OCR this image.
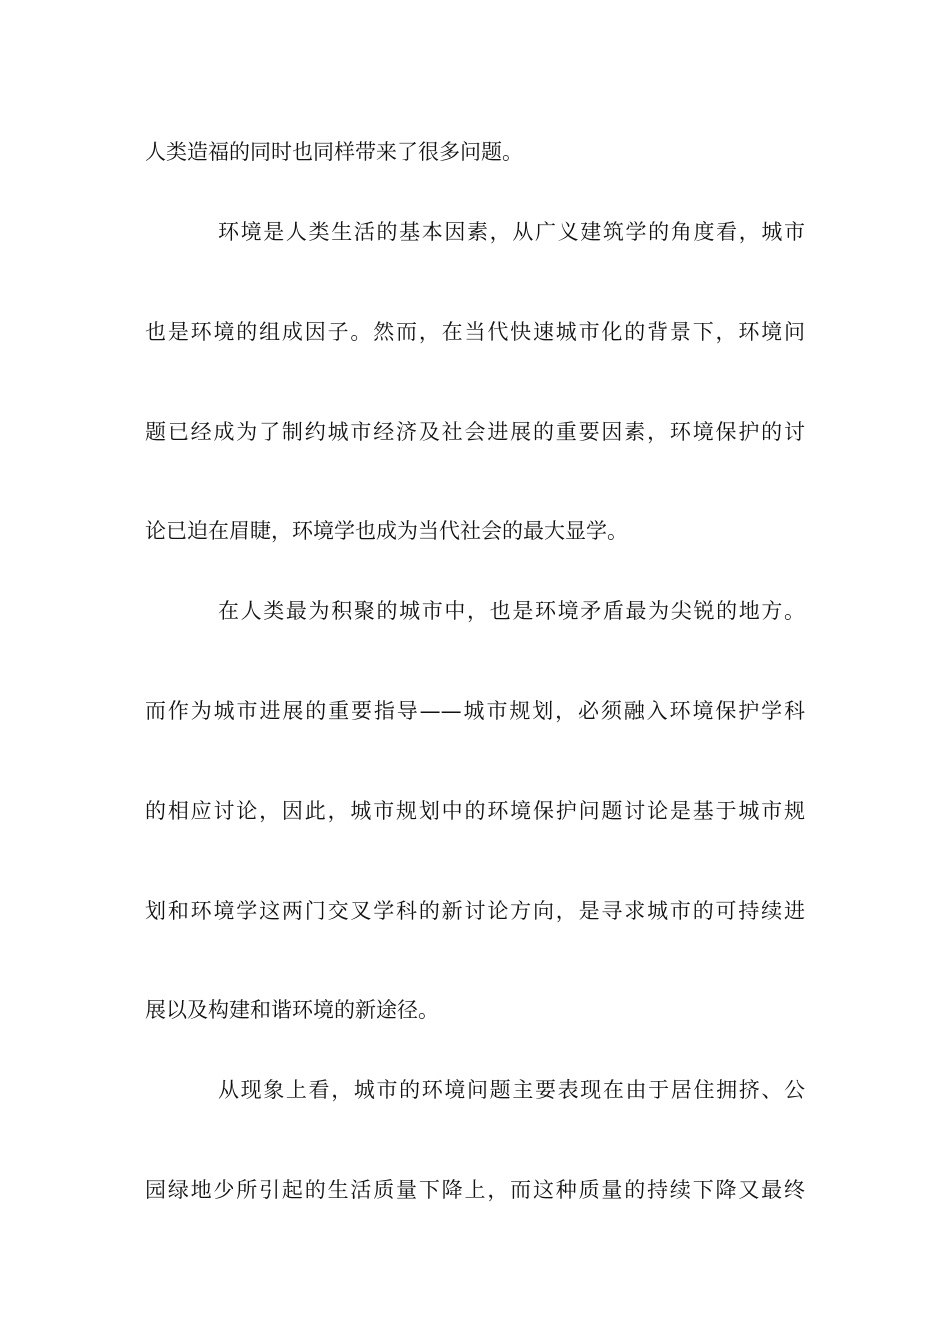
人类造福的同时也同样带来了很多问题。
环境是人类生活的基本因素，从广义建筑学的角度看，城市
也是环境的组成因子。然而，在当代快速城市化的背景下，环境问
题已经成为了制约城市经济及社会进展的重要因素，环境保护的讨
论已迫在眉睫，环境学也成为当代社会的最大显学。
在人类最为积聚的城市中，也是环境矛盾最为尖锐的地方。
而作为城市进展的重要指导——城市规划，必须融入环境保护学科
的相应讨论，因此，城市规划中的环境保护问题讨论是基于城市规
划和环境学这两门交叉学科的新讨论方向，是寻求城市的可持续进
展以及构建和谐环境的新途径。
从现象上看，城市的环境问题主要表现在由于居住拥挤、公
园绿地少所引起的生活质量下降上，而这种质量的持续下降又最终
